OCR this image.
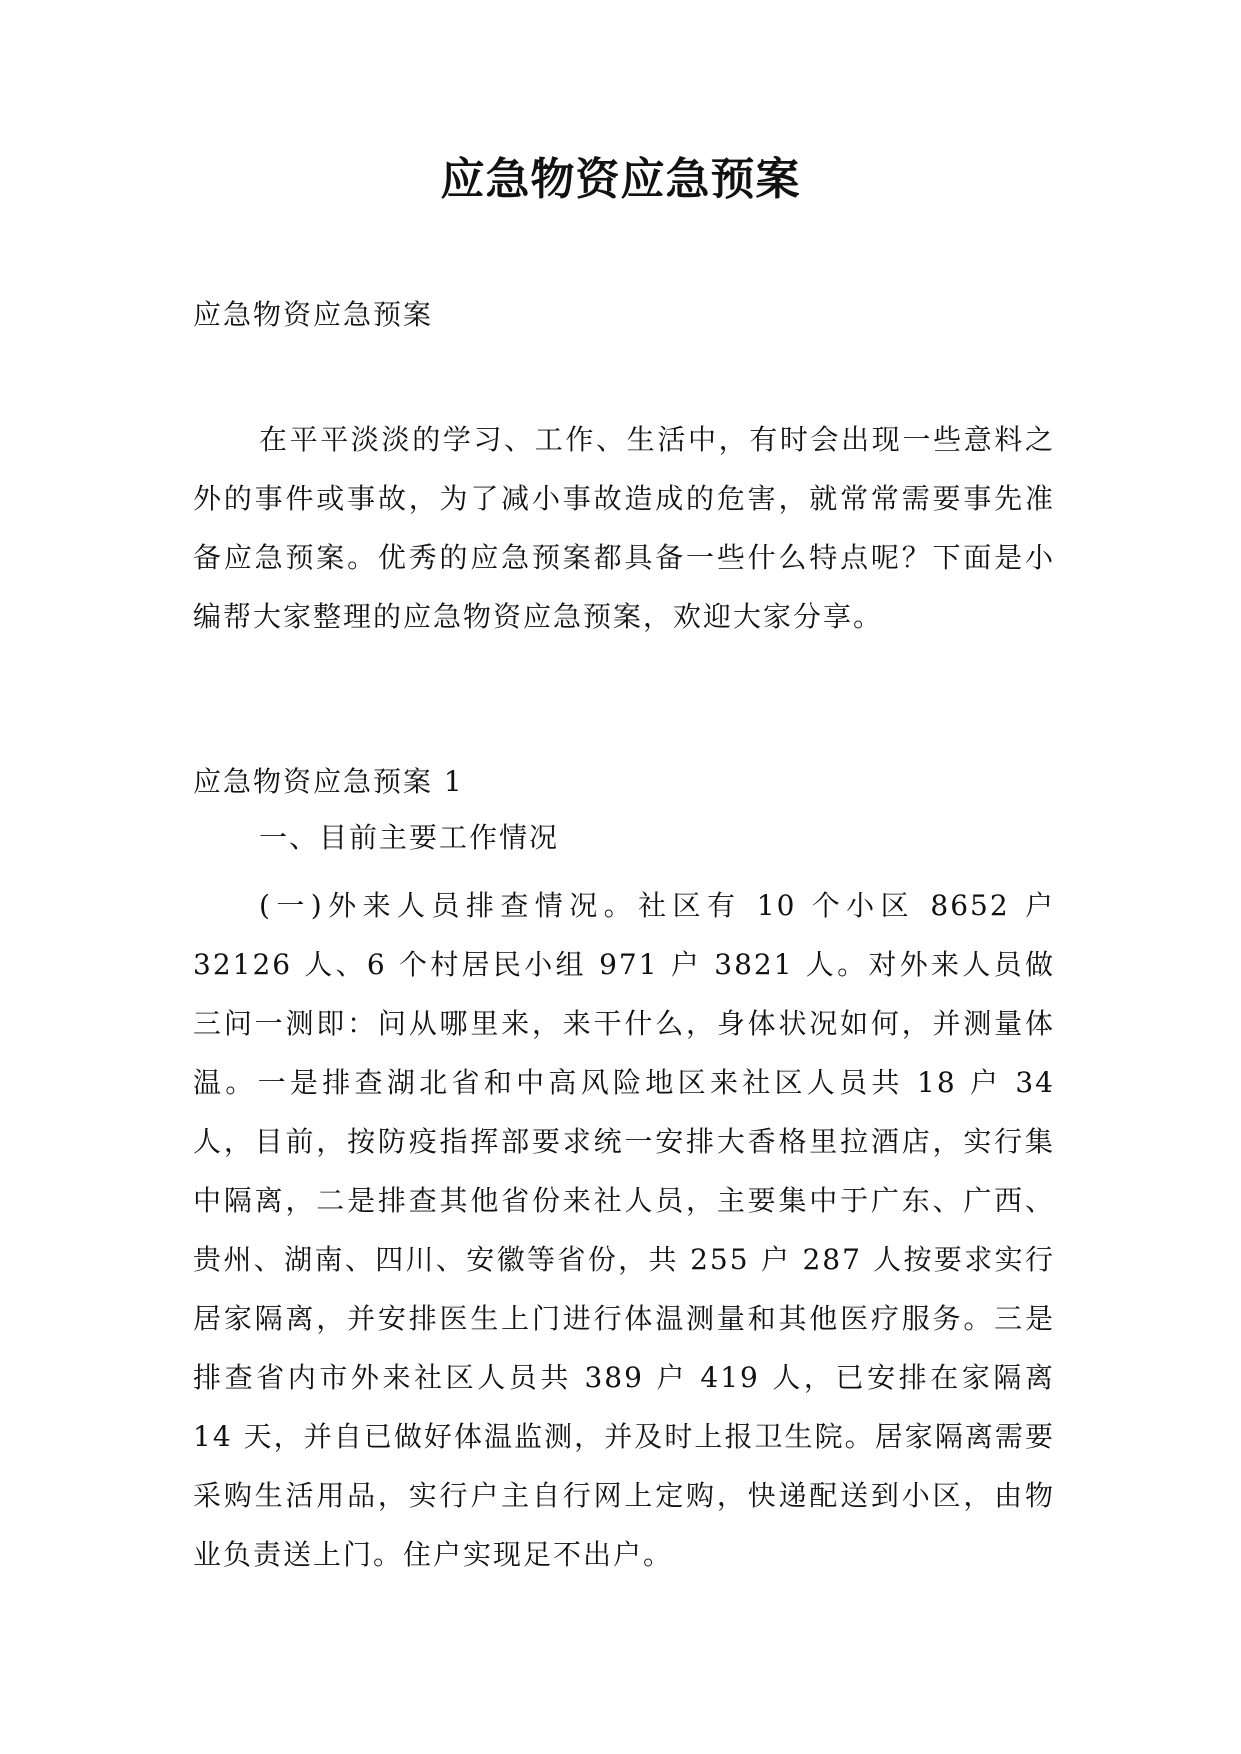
应急物资应急预案

应急物资应急预案

在平平淡淡的学习、工作、生活中，有时会出现一些意料之外的事件或事故，为了减小事故造成的危害，就常常需要事先准备应急预案。优秀的应急预案都具备一些什么特点呢？下面是小编帮大家整理的应急物资应急预案，欢迎大家分享。

应急物资应急预案 1

一、目前主要工作情况

(一)外来人员排查情况。社区有 10 个小区 8652 户 32126 人、6 个村居民小组 971 户 3821 人。对外来人员做三问一测即：问从哪里来，来干什么，身体状况如何，并测量体温。一是排查湖北省和中高风险地区来社区人员共 18 户 34 人，目前，按防疫指挥部要求统一安排大香格里拉酒店，实行集中隔离，二是排查其他省份来社人员，主要集中于广东、广西、贵州、湖南、四川、安徽等省份，共 255 户 287 人按要求实行居家隔离，并安排医生上门进行体温测量和其他医疗服务。三是排查省内市外来社区人员共 389 户 419 人，已安排在家隔离 14 天，并自已做好体温监测，并及时上报卫生院。居家隔离需要采购生活用品，实行户主自行网上定购，快递配送到小区，由物业负责送上门。住户实现足不出户。
